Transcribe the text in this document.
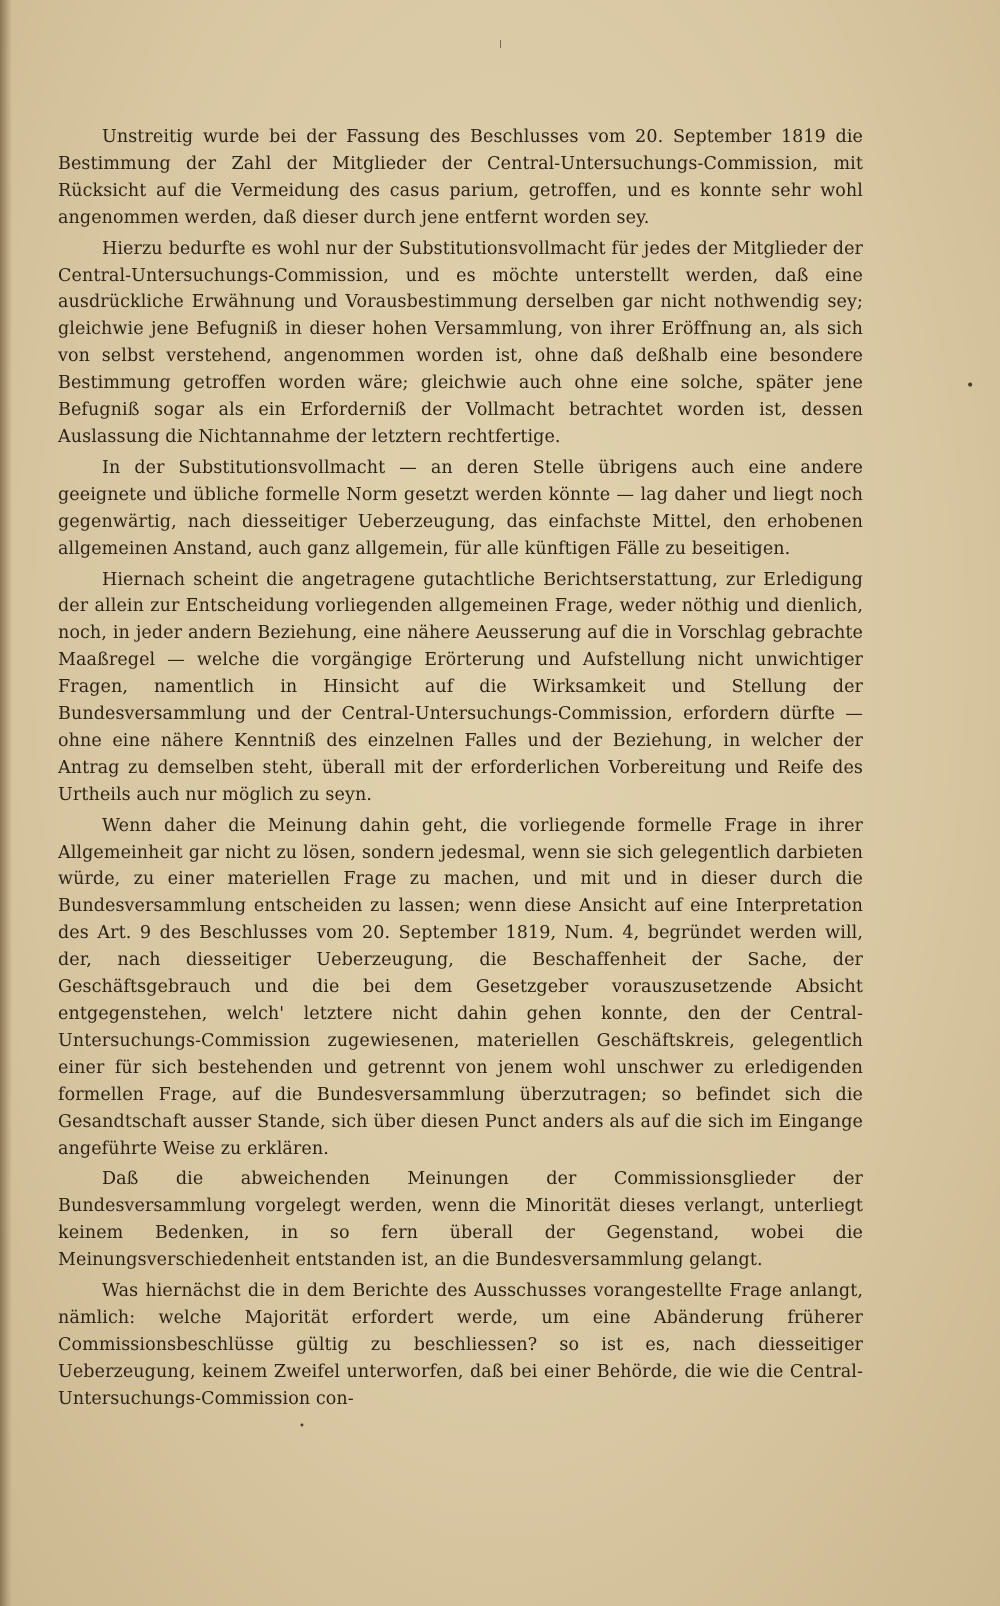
Unstreitig wurde bei der Fassung des Beschlusses vom 20. September 1819 die Bestimmung der Zahl der Mitglieder der Central-Untersuchungs-Commission, mit Rücksicht auf die Vermeidung des casus parium, getroffen, und es konnte sehr wohl angenommen werden, daß dieser durch jene entfernt worden sey.

Hierzu bedurfte es wohl nur der Substitutionsvollmacht für jedes der Mitglieder der Central-Untersuchungs-Commission, und es möchte unterstellt werden, daß eine ausdrückliche Erwähnung und Vorausbestimmung derselben gar nicht nothwendig sey; gleichwie jene Befugniß in dieser hohen Versammlung, von ihrer Eröffnung an, als sich von selbst verstehend, angenommen worden ist, ohne daß deßhalb eine besondere Bestimmung getroffen worden wäre; gleichwie auch ohne eine solche, später jene Befugniß sogar als ein Erforderniß der Vollmacht betrachtet worden ist, dessen Auslassung die Nichtannahme der letztern rechtfertige.

In der Substitutionsvollmacht — an deren Stelle übrigens auch eine andere geeignete und übliche formelle Norm gesetzt werden könnte — lag daher und liegt noch gegenwärtig, nach diesseitiger Ueberzeugung, das einfachste Mittel, den erhobenen allgemeinen Anstand, auch ganz allgemein, für alle künftigen Fälle zu beseitigen.

Hiernach scheint die angetragene gutachtliche Berichtserstattung, zur Erledigung der allein zur Entscheidung vorliegenden allgemeinen Frage, weder nöthig und dienlich, noch, in jeder andern Beziehung, eine nähere Aeusserung auf die in Vorschlag gebrachte Maaßregel — welche die vorgängige Erörterung und Aufstellung nicht unwichtiger Fragen, namentlich in Hinsicht auf die Wirksamkeit und Stellung der Bundesversammlung und der Central-Untersuchungs-Commission, erfordern dürfte — ohne eine nähere Kenntniß des einzelnen Falles und der Beziehung, in welcher der Antrag zu demselben steht, überall mit der erforderlichen Vorbereitung und Reife des Urtheils auch nur möglich zu seyn.

Wenn daher die Meinung dahin geht, die vorliegende formelle Frage in ihrer Allgemeinheit gar nicht zu lösen, sondern jedesmal, wenn sie sich gelegentlich darbieten würde, zu einer materiellen Frage zu machen, und mit und in dieser durch die Bundesversammlung entscheiden zu lassen; wenn diese Ansicht auf eine Interpretation des Art. 9 des Beschlusses vom 20. September 1819, Num. 4, begründet werden will, der, nach diesseitiger Ueberzeugung, die Beschaffenheit der Sache, der Geschäftsgebrauch und die bei dem Gesetzgeber vorauszusetzende Absicht entgegenstehen, welch' letztere nicht dahin gehen konnte, den der Central-Untersuchungs-Commission zugewiesenen, materiellen Geschäftskreis, gelegentlich einer für sich bestehenden und getrennt von jenem wohl unschwer zu erledigenden formellen Frage, auf die Bundesversammlung überzutragen; so befindet sich die Gesandtschaft ausser Stande, sich über diesen Punct anders als auf die sich im Eingange angeführte Weise zu erklären.

Daß die abweichenden Meinungen der Commissionsglieder der Bundesversammlung vorgelegt werden, wenn die Minorität dieses verlangt, unterliegt keinem Bedenken, in so fern überall der Gegenstand, wobei die Meinungsverschiedenheit entstanden ist, an die Bundesversammlung gelangt.

Was hiernächst die in dem Berichte des Ausschusses vorangestellte Frage anlangt, nämlich: welche Majorität erfordert werde, um eine Abänderung früherer Commissionsbeschlüsse gültig zu beschliessen? so ist es, nach diesseitiger Ueberzeugung, keinem Zweifel unterworfen, daß bei einer Behörde, die wie die Central-Untersuchungs-Commission con-

•
•
